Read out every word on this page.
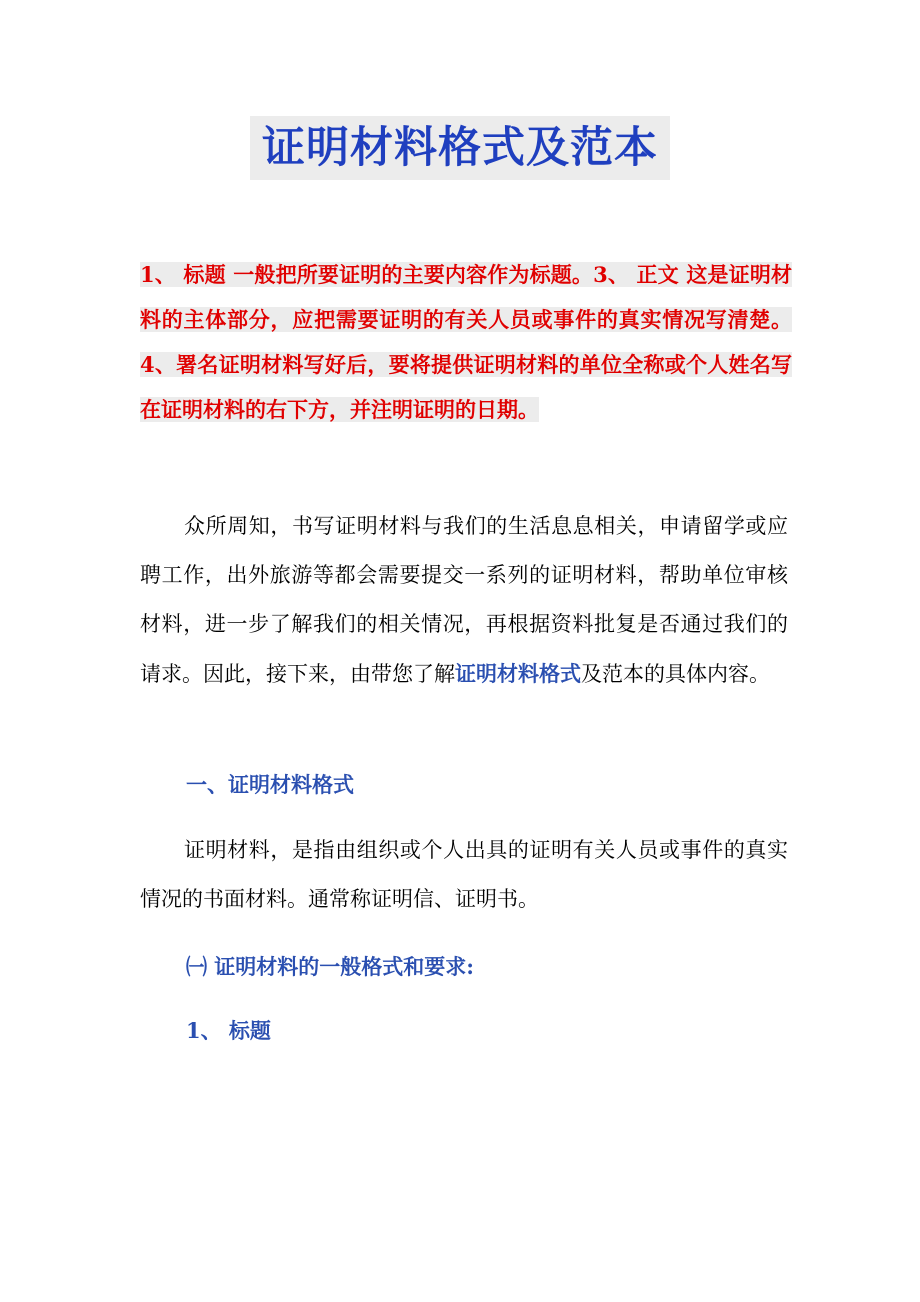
证明材料格式及范本
1、 标题 一般把所要证明的主要内容作为标题。3、 正文 这是证明材料的主体部分，应把需要证明的有关人员或事件的真实情况写清楚。4、署名证明材料写好后，要将提供证明材料的单位全称或个人姓名写在证明材料的右下方，并注明证明的日期。

众所周知，书写证明材料与我们的生活息息相关，申请留学或应聘工作，出外旅游等都会需要提交一系列的证明材料，帮助单位审核材料，进一步了解我们的相关情况，再根据资料批复是否通过我们的请求。因此，接下来，由带您了解证明材料格式及范本的具体内容。

一、证明材料格式

证明材料，是指由组织或个人出具的证明有关人员或事件的真实情况的书面材料。通常称证明信、证明书。

㈠ 证明材料的一般格式和要求:
1、 标题
